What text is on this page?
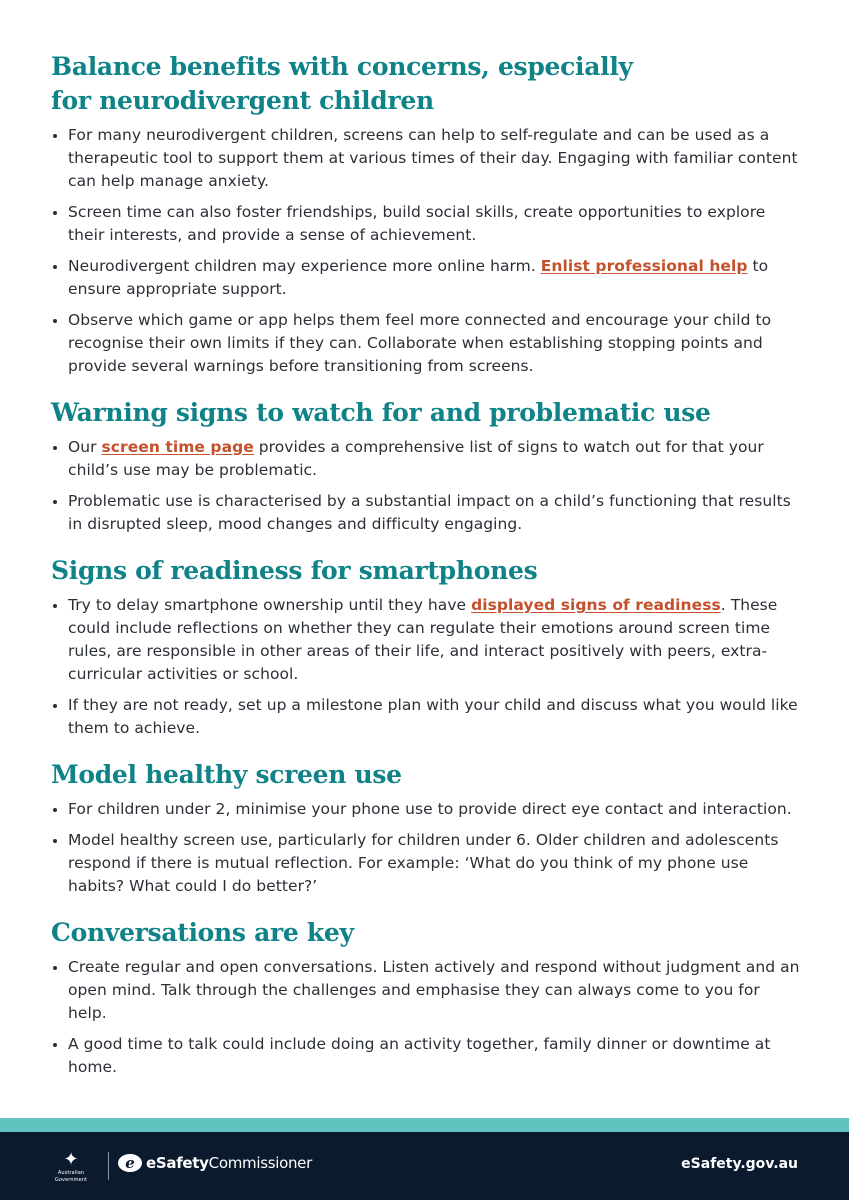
Balance benefits with concerns, especially for neurodivergent children
For many neurodivergent children, screens can help to self-regulate and can be used as a therapeutic tool to support them at various times of their day. Engaging with familiar content can help manage anxiety.
Screen time can also foster friendships, build social skills, create opportunities to explore their interests, and provide a sense of achievement.
Neurodivergent children may experience more online harm. Enlist professional help to ensure appropriate support.
Observe which game or app helps them feel more connected and encourage your child to recognise their own limits if they can. Collaborate when establishing stopping points and provide several warnings before transitioning from screens.
Warning signs to watch for and problematic use
Our screen time page provides a comprehensive list of signs to watch out for that your child’s use may be problematic.
Problematic use is characterised by a substantial impact on a child’s functioning that results in disrupted sleep, mood changes and difficulty engaging.
Signs of readiness for smartphones
Try to delay smartphone ownership until they have displayed signs of readiness. These could include reflections on whether they can regulate their emotions around screen time rules, are responsible in other areas of their life, and interact positively with peers, extra-curricular activities or school.
If they are not ready, set up a milestone plan with your child and discuss what you would like them to achieve.
Model healthy screen use
For children under 2, minimise your phone use to provide direct eye contact and interaction.
Model healthy screen use, particularly for children under 6. Older children and adolescents respond if there is mutual reflection. For example: ‘What do you think of my phone use habits? What could I do better?’
Conversations are key
Create regular and open conversations. Listen actively and respond without judgment and an open mind. Talk through the challenges and emphasise they can always come to you for help.
A good time to talk could include doing an activity together, family dinner or downtime at home.
✦
Australian Government
e eSafetyCommissioner	eSafety.gov.au
